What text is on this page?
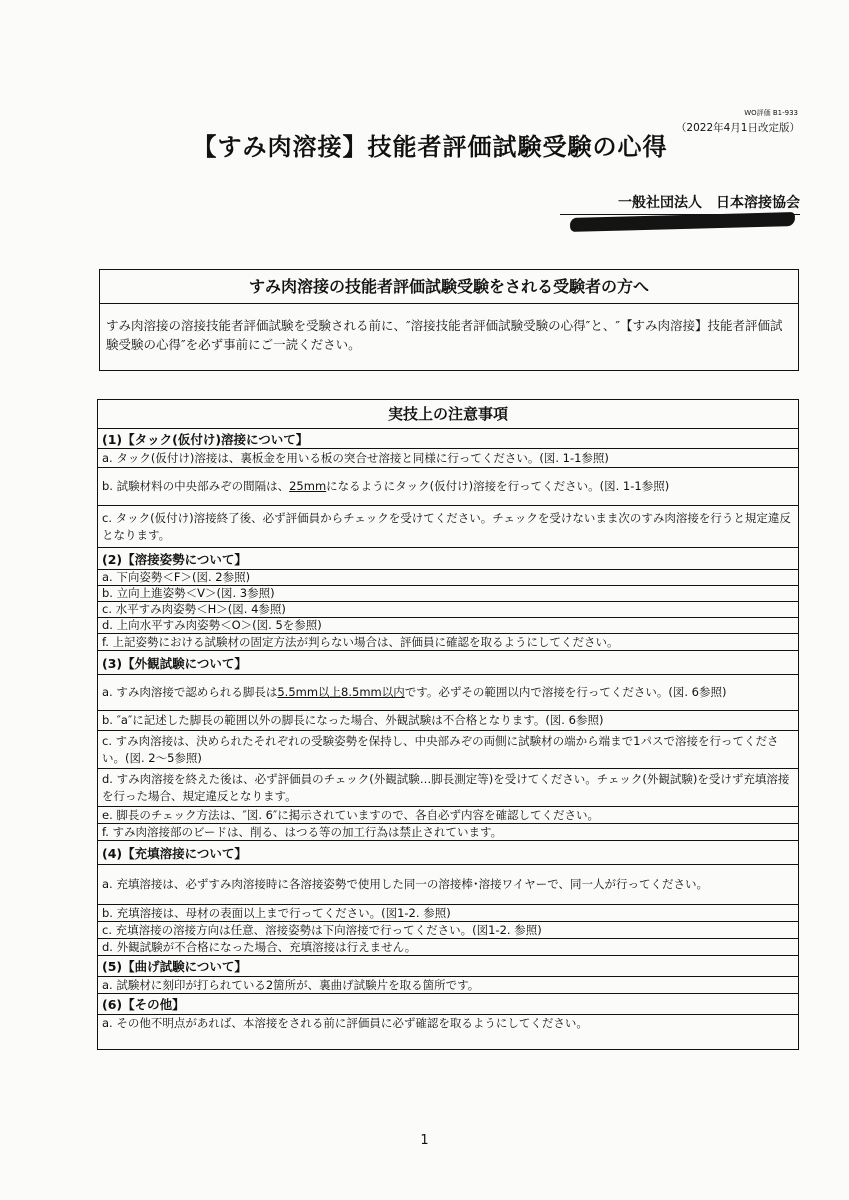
WO評価 B1-933
（2022年4月1日改定版）
【すみ肉溶接】技能者評価試験受験の心得
一般社団法人　日本溶接協会
すみ肉溶接の技能者評価試験受験をされる受験者の方へ
すみ肉溶接の溶接技能者評価試験を受験される前に、″溶接技能者評価試験受験の心得″と、″【すみ肉溶接】技能者評価試験受験の心得″を必ず事前にご一読ください。
実技上の注意事項
(1)【タック(仮付け)溶接について】
a. タック(仮付け)溶接は、裏板金を用いる板の突合せ溶接と同様に行ってください。(図. 1-1参照)
b. 試験材料の中央部みぞの間隔は、25mmになるようにタック(仮付け)溶接を行ってください。(図. 1-1参照)
c. タック(仮付け)溶接終了後、必ず評価員からチェックを受けてください。チェックを受けないまま次のすみ肉溶接を行うと規定違反となります。
(2)【溶接姿勢について】
a. 下向姿勢＜F＞(図. 2参照)
b. 立向上進姿勢＜V＞(図. 3参照)
c. 水平すみ肉姿勢＜H＞(図. 4参照)
d. 上向水平すみ肉姿勢＜O＞(図. 5を参照)
f. 上記姿勢における試験材の固定方法が判らない場合は、評価員に確認を取るようにしてください。
(3)【外観試験について】
a. すみ肉溶接で認められる脚長は5.5mm以上8.5mm以内です。必ずその範囲以内で溶接を行ってください。(図. 6参照)
b. ″a″に記述した脚長の範囲以外の脚長になった場合、外観試験は不合格となります。(図. 6参照)
c. すみ肉溶接は、決められたそれぞれの受験姿勢を保持し、中央部みぞの両側に試験材の端から端まで1パスで溶接を行ってください。(図. 2〜5参照)
d. すみ肉溶接を終えた後は、必ず評価員のチェック(外観試験…脚長測定等)を受けてください。チェック(外観試験)を受けず充填溶接を行った場合、規定違反となります。
e. 脚長のチェック方法は、″図. 6″に掲示されていますので、各自必ず内容を確認してください。
f. すみ肉溶接部のビードは、削る、はつる等の加工行為は禁止されています。
(4)【充填溶接について】
a. 充填溶接は、必ずすみ肉溶接時に各溶接姿勢で使用した同一の溶接棒･溶接ワイヤーで、同一人が行ってください。
b. 充填溶接は、母材の表面以上まで行ってください。(図1-2. 参照)
c. 充填溶接の溶接方向は任意、溶接姿勢は下向溶接で行ってください。(図1-2. 参照)
d. 外観試験が不合格になった場合、充填溶接は行えません。
(5)【曲げ試験について】
a. 試験材に刻印が打られている2箇所が、裏曲げ試験片を取る箇所です。
(6)【その他】
a. その他不明点があれば、本溶接をされる前に評価員に必ず確認を取るようにしてください。
1
